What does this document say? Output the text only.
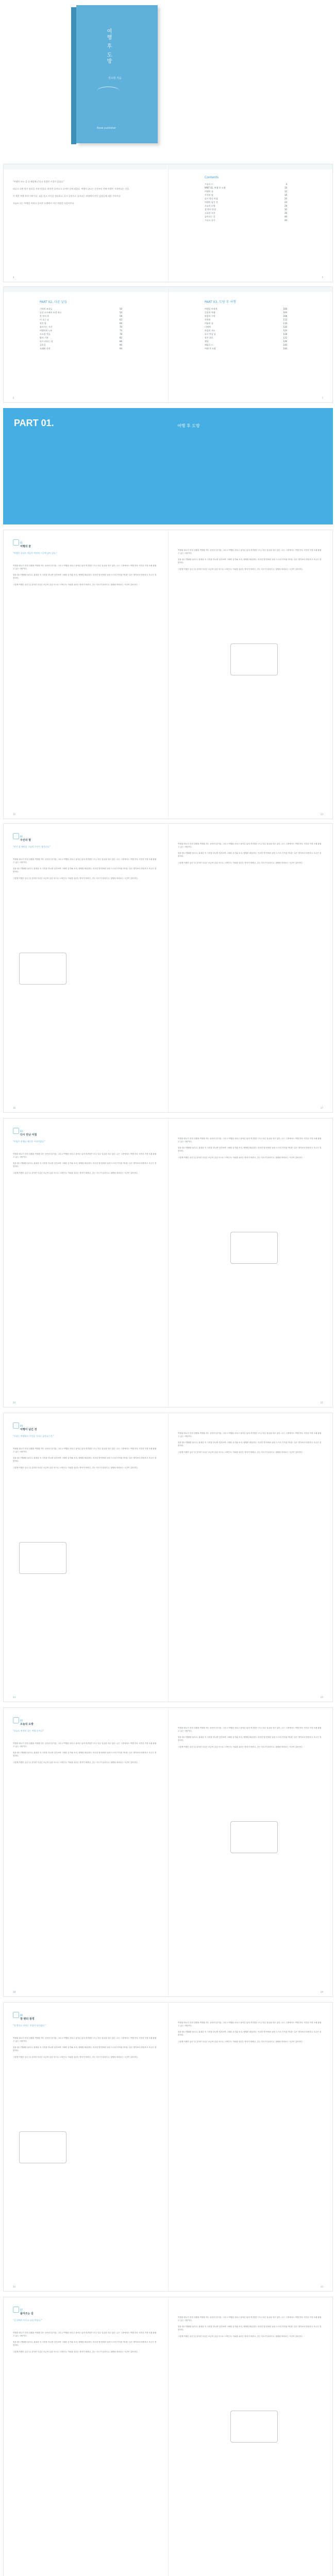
여행 후 도방
김도방 지음
Book publisher
"여행이 모든 걸 다 해결해 준다고 믿었던 시절이 있었다."

떠나고 나면 뭔가 달라질 거라 믿었다. 하지만 돌아오고 나서야 알게 되었다. 여행이 끝나는 순간부터 진짜 여행이 시작된다는 것을.

이 책은 여행 후의 이야기다. 짐을 풀고 사진을 정리하고, 다시 일상으로 돌아오는 과정에서 만난 감정들에 대한 기록이다.

오늘도 나는 여행을 마치고 돌아온 도방에서 지난 여정을 되짚어본다.
4
Contents
프롤로그	4
PART 01. 여행 후 도방	10
여행의 끝	12
우산의 말	16
다시 만난 아침	20
여행이 남긴 것	24
오늘의 도방	28
창 밖의 풍경	32
고요한 오후	36
돌아오는 길	40
그리고 다시	44
5
PART 02. 다른 날들
기억의 조각들	50
낯선 도시에서 보낸 하루	54
한 잔의 차	58
비 오는 날	62
작은 방	66
흘러가는 시간	70
여행자의 노트	74
사소한 것들	78
밤의 기차	82
다시 떠나는 날	86
골목길	90
오래된 사진	94
6
PART 03. 도방 후 여행
여행을 마치며	100
일상의 여행	104
바람의 기억	108
천천히	112
여름의 끝	116
너에게	120
마음의 지도	124
다시 만날 날	128
작은 위로	132
햇살	136
에필로그	140
여행 후 도방	144
7
PART 01.	여행 후 도방
01
여행의 끝
"여행은 끝나도 마음은 여전히 그곳에 남아 있다."
여행을 떠나기 전의 설렘과 여행을 하는 동안의 즐거움, 그리고 여행을 마치고 돌아온 뒤의 허전함은 모두 다른 얼굴을 하고 있다. 나는 그중에서도 여행 후의 시간을 가장 오래 붙잡고 있는 사람이다.

짐을 풀고 빨래를 돌리고, 휴대폰 속 사진을 하나씩 넘겨보며 그때의 공기와 소리, 냄새를 떠올린다. 익숙한 방 안에서 낯선 도시의 기억을 꺼내는 일은 생각보다 따뜻하고 조금은 쓸쓸하다.

그렇게 여행은 끝난 것 같지만 사실은 조금씩 일상 속으로 스며든다. 커피를 내리는 방식이 바뀌고, 걷는 속도가 달라지고, 창밖을 바라보는 시간이 길어진다.
12
여행을 떠나기 전의 설렘과 여행을 하는 동안의 즐거움, 그리고 여행을 마치고 돌아온 뒤의 허전함은 모두 다른 얼굴을 하고 있다. 나는 그중에서도 여행 후의 시간을 가장 오래 붙잡고 있는 사람이다.

짐을 풀고 빨래를 돌리고, 휴대폰 속 사진을 하나씩 넘겨보며 그때의 공기와 소리, 냄새를 떠올린다. 익숙한 방 안에서 낯선 도시의 기억을 꺼내는 일은 생각보다 따뜻하고 조금은 쓸쓸하다.

그렇게 여행은 끝난 것 같지만 사실은 조금씩 일상 속으로 스며든다. 커피를 내리는 방식이 바뀌고, 걷는 속도가 달라지고, 창밖을 바라보는 시간이 길어진다.
13
02
우산의 말
"비가 올 때마다 그날의 우산이 생각난다."
여행을 떠나기 전의 설렘과 여행을 하는 동안의 즐거움, 그리고 여행을 마치고 돌아온 뒤의 허전함은 모두 다른 얼굴을 하고 있다. 나는 그중에서도 여행 후의 시간을 가장 오래 붙잡고 있는 사람이다.

짐을 풀고 빨래를 돌리고, 휴대폰 속 사진을 하나씩 넘겨보며 그때의 공기와 소리, 냄새를 떠올린다. 익숙한 방 안에서 낯선 도시의 기억을 꺼내는 일은 생각보다 따뜻하고 조금은 쓸쓸하다.

그렇게 여행은 끝난 것 같지만 사실은 조금씩 일상 속으로 스며든다. 커피를 내리는 방식이 바뀌고, 걷는 속도가 달라지고, 창밖을 바라보는 시간이 길어진다.
16
여행을 떠나기 전의 설렘과 여행을 하는 동안의 즐거움, 그리고 여행을 마치고 돌아온 뒤의 허전함은 모두 다른 얼굴을 하고 있다. 나는 그중에서도 여행 후의 시간을 가장 오래 붙잡고 있는 사람이다.

짐을 풀고 빨래를 돌리고, 휴대폰 속 사진을 하나씩 넘겨보며 그때의 공기와 소리, 냄새를 떠올린다. 익숙한 방 안에서 낯선 도시의 기억을 꺼내는 일은 생각보다 따뜻하고 조금은 쓸쓸하다.

그렇게 여행은 끝난 것 같지만 사실은 조금씩 일상 속으로 스며든다. 커피를 내리는 방식이 바뀌고, 걷는 속도가 달라지고, 창밖을 바라보는 시간이 길어진다.
17
03
다시 만난 아침
"아침은 언제나 새로운 시작이었다."
여행을 떠나기 전의 설렘과 여행을 하는 동안의 즐거움, 그리고 여행을 마치고 돌아온 뒤의 허전함은 모두 다른 얼굴을 하고 있다. 나는 그중에서도 여행 후의 시간을 가장 오래 붙잡고 있는 사람이다.

짐을 풀고 빨래를 돌리고, 휴대폰 속 사진을 하나씩 넘겨보며 그때의 공기와 소리, 냄새를 떠올린다. 익숙한 방 안에서 낯선 도시의 기억을 꺼내는 일은 생각보다 따뜻하고 조금은 쓸쓸하다.

그렇게 여행은 끝난 것 같지만 사실은 조금씩 일상 속으로 스며든다. 커피를 내리는 방식이 바뀌고, 걷는 속도가 달라지고, 창밖을 바라보는 시간이 길어진다.
20
여행을 떠나기 전의 설렘과 여행을 하는 동안의 즐거움, 그리고 여행을 마치고 돌아온 뒤의 허전함은 모두 다른 얼굴을 하고 있다. 나는 그중에서도 여행 후의 시간을 가장 오래 붙잡고 있는 사람이다.

짐을 풀고 빨래를 돌리고, 휴대폰 속 사진을 하나씩 넘겨보며 그때의 공기와 소리, 냄새를 떠올린다. 익숙한 방 안에서 낯선 도시의 기억을 꺼내는 일은 생각보다 따뜻하고 조금은 쓸쓸하다.

그렇게 여행은 끝난 것 같지만 사실은 조금씩 일상 속으로 스며든다. 커피를 내리는 방식이 바뀌고, 걷는 속도가 달라지고, 창밖을 바라보는 시간이 길어진다.
21
04
여행이 남긴 것
"우리는 여행에서 무엇을 가지고 돌아오는가."
여행을 떠나기 전의 설렘과 여행을 하는 동안의 즐거움, 그리고 여행을 마치고 돌아온 뒤의 허전함은 모두 다른 얼굴을 하고 있다. 나는 그중에서도 여행 후의 시간을 가장 오래 붙잡고 있는 사람이다.

짐을 풀고 빨래를 돌리고, 휴대폰 속 사진을 하나씩 넘겨보며 그때의 공기와 소리, 냄새를 떠올린다. 익숙한 방 안에서 낯선 도시의 기억을 꺼내는 일은 생각보다 따뜻하고 조금은 쓸쓸하다.

그렇게 여행은 끝난 것 같지만 사실은 조금씩 일상 속으로 스며든다. 커피를 내리는 방식이 바뀌고, 걷는 속도가 달라지고, 창밖을 바라보는 시간이 길어진다.
24
여행을 떠나기 전의 설렘과 여행을 하는 동안의 즐거움, 그리고 여행을 마치고 돌아온 뒤의 허전함은 모두 다른 얼굴을 하고 있다. 나는 그중에서도 여행 후의 시간을 가장 오래 붙잡고 있는 사람이다.

짐을 풀고 빨래를 돌리고, 휴대폰 속 사진을 하나씩 넘겨보며 그때의 공기와 소리, 냄새를 떠올린다. 익숙한 방 안에서 낯선 도시의 기억을 꺼내는 일은 생각보다 따뜻하고 조금은 쓸쓸하다.

그렇게 여행은 끝난 것 같지만 사실은 조금씩 일상 속으로 스며든다. 커피를 내리는 방식이 바뀌고, 걷는 속도가 달라지고, 창밖을 바라보는 시간이 길어진다.
25
05
오늘의 도방
"오늘도 여전히 나는 여행 중이다."
여행을 떠나기 전의 설렘과 여행을 하는 동안의 즐거움, 그리고 여행을 마치고 돌아온 뒤의 허전함은 모두 다른 얼굴을 하고 있다. 나는 그중에서도 여행 후의 시간을 가장 오래 붙잡고 있는 사람이다.

짐을 풀고 빨래를 돌리고, 휴대폰 속 사진을 하나씩 넘겨보며 그때의 공기와 소리, 냄새를 떠올린다. 익숙한 방 안에서 낯선 도시의 기억을 꺼내는 일은 생각보다 따뜻하고 조금은 쓸쓸하다.

그렇게 여행은 끝난 것 같지만 사실은 조금씩 일상 속으로 스며든다. 커피를 내리는 방식이 바뀌고, 걷는 속도가 달라지고, 창밖을 바라보는 시간이 길어진다.
28
여행을 떠나기 전의 설렘과 여행을 하는 동안의 즐거움, 그리고 여행을 마치고 돌아온 뒤의 허전함은 모두 다른 얼굴을 하고 있다. 나는 그중에서도 여행 후의 시간을 가장 오래 붙잡고 있는 사람이다.

짐을 풀고 빨래를 돌리고, 휴대폰 속 사진을 하나씩 넘겨보며 그때의 공기와 소리, 냄새를 떠올린다. 익숙한 방 안에서 낯선 도시의 기억을 꺼내는 일은 생각보다 따뜻하고 조금은 쓸쓸하다.

그렇게 여행은 끝난 것 같지만 사실은 조금씩 일상 속으로 스며든다. 커피를 내리는 방식이 바뀌고, 걷는 속도가 달라지고, 창밖을 바라보는 시간이 길어진다.
29
06
창 밖의 풍경
"창 밖으로 보이는 풍경이 달라졌다."
여행을 떠나기 전의 설렘과 여행을 하는 동안의 즐거움, 그리고 여행을 마치고 돌아온 뒤의 허전함은 모두 다른 얼굴을 하고 있다. 나는 그중에서도 여행 후의 시간을 가장 오래 붙잡고 있는 사람이다.

짐을 풀고 빨래를 돌리고, 휴대폰 속 사진을 하나씩 넘겨보며 그때의 공기와 소리, 냄새를 떠올린다. 익숙한 방 안에서 낯선 도시의 기억을 꺼내는 일은 생각보다 따뜻하고 조금은 쓸쓸하다.

그렇게 여행은 끝난 것 같지만 사실은 조금씩 일상 속으로 스며든다. 커피를 내리는 방식이 바뀌고, 걷는 속도가 달라지고, 창밖을 바라보는 시간이 길어진다.
32
여행을 떠나기 전의 설렘과 여행을 하는 동안의 즐거움, 그리고 여행을 마치고 돌아온 뒤의 허전함은 모두 다른 얼굴을 하고 있다. 나는 그중에서도 여행 후의 시간을 가장 오래 붙잡고 있는 사람이다.

짐을 풀고 빨래를 돌리고, 휴대폰 속 사진을 하나씩 넘겨보며 그때의 공기와 소리, 냄새를 떠올린다. 익숙한 방 안에서 낯선 도시의 기억을 꺼내는 일은 생각보다 따뜻하고 조금은 쓸쓸하다.

그렇게 여행은 끝난 것 같지만 사실은 조금씩 일상 속으로 스며든다. 커피를 내리는 방식이 바뀌고, 걷는 속도가 달라지고, 창밖을 바라보는 시간이 길어진다.
33
07
돌아오는 길
"길 위에서 비로소 나를 만났다."
여행을 떠나기 전의 설렘과 여행을 하는 동안의 즐거움, 그리고 여행을 마치고 돌아온 뒤의 허전함은 모두 다른 얼굴을 하고 있다. 나는 그중에서도 여행 후의 시간을 가장 오래 붙잡고 있는 사람이다.

짐을 풀고 빨래를 돌리고, 휴대폰 속 사진을 하나씩 넘겨보며 그때의 공기와 소리, 냄새를 떠올린다. 익숙한 방 안에서 낯선 도시의 기억을 꺼내는 일은 생각보다 따뜻하고 조금은 쓸쓸하다.

그렇게 여행은 끝난 것 같지만 사실은 조금씩 일상 속으로 스며든다. 커피를 내리는 방식이 바뀌고, 걷는 속도가 달라지고, 창밖을 바라보는 시간이 길어진다.
여행을 떠나기 전의 설렘과 여행을 하는 동안의 즐거움, 그리고 여행을 마치고 돌아온 뒤의 허전함은 모두 다른 얼굴을 하고 있다. 나는 그중에서도 여행 후의 시간을 가장 오래 붙잡고 있는 사람이다.

짐을 풀고 빨래를 돌리고, 휴대폰 속 사진을 하나씩 넘겨보며 그때의 공기와 소리, 냄새를 떠올린다. 익숙한 방 안에서 낯선 도시의 기억을 꺼내는 일은 생각보다 따뜻하고 조금은 쓸쓸하다.

그렇게 여행은 끝난 것 같지만 사실은 조금씩 일상 속으로 스며든다. 커피를 내리는 방식이 바뀌고, 걷는 속도가 달라지고, 창밖을 바라보는 시간이 길어진다.
